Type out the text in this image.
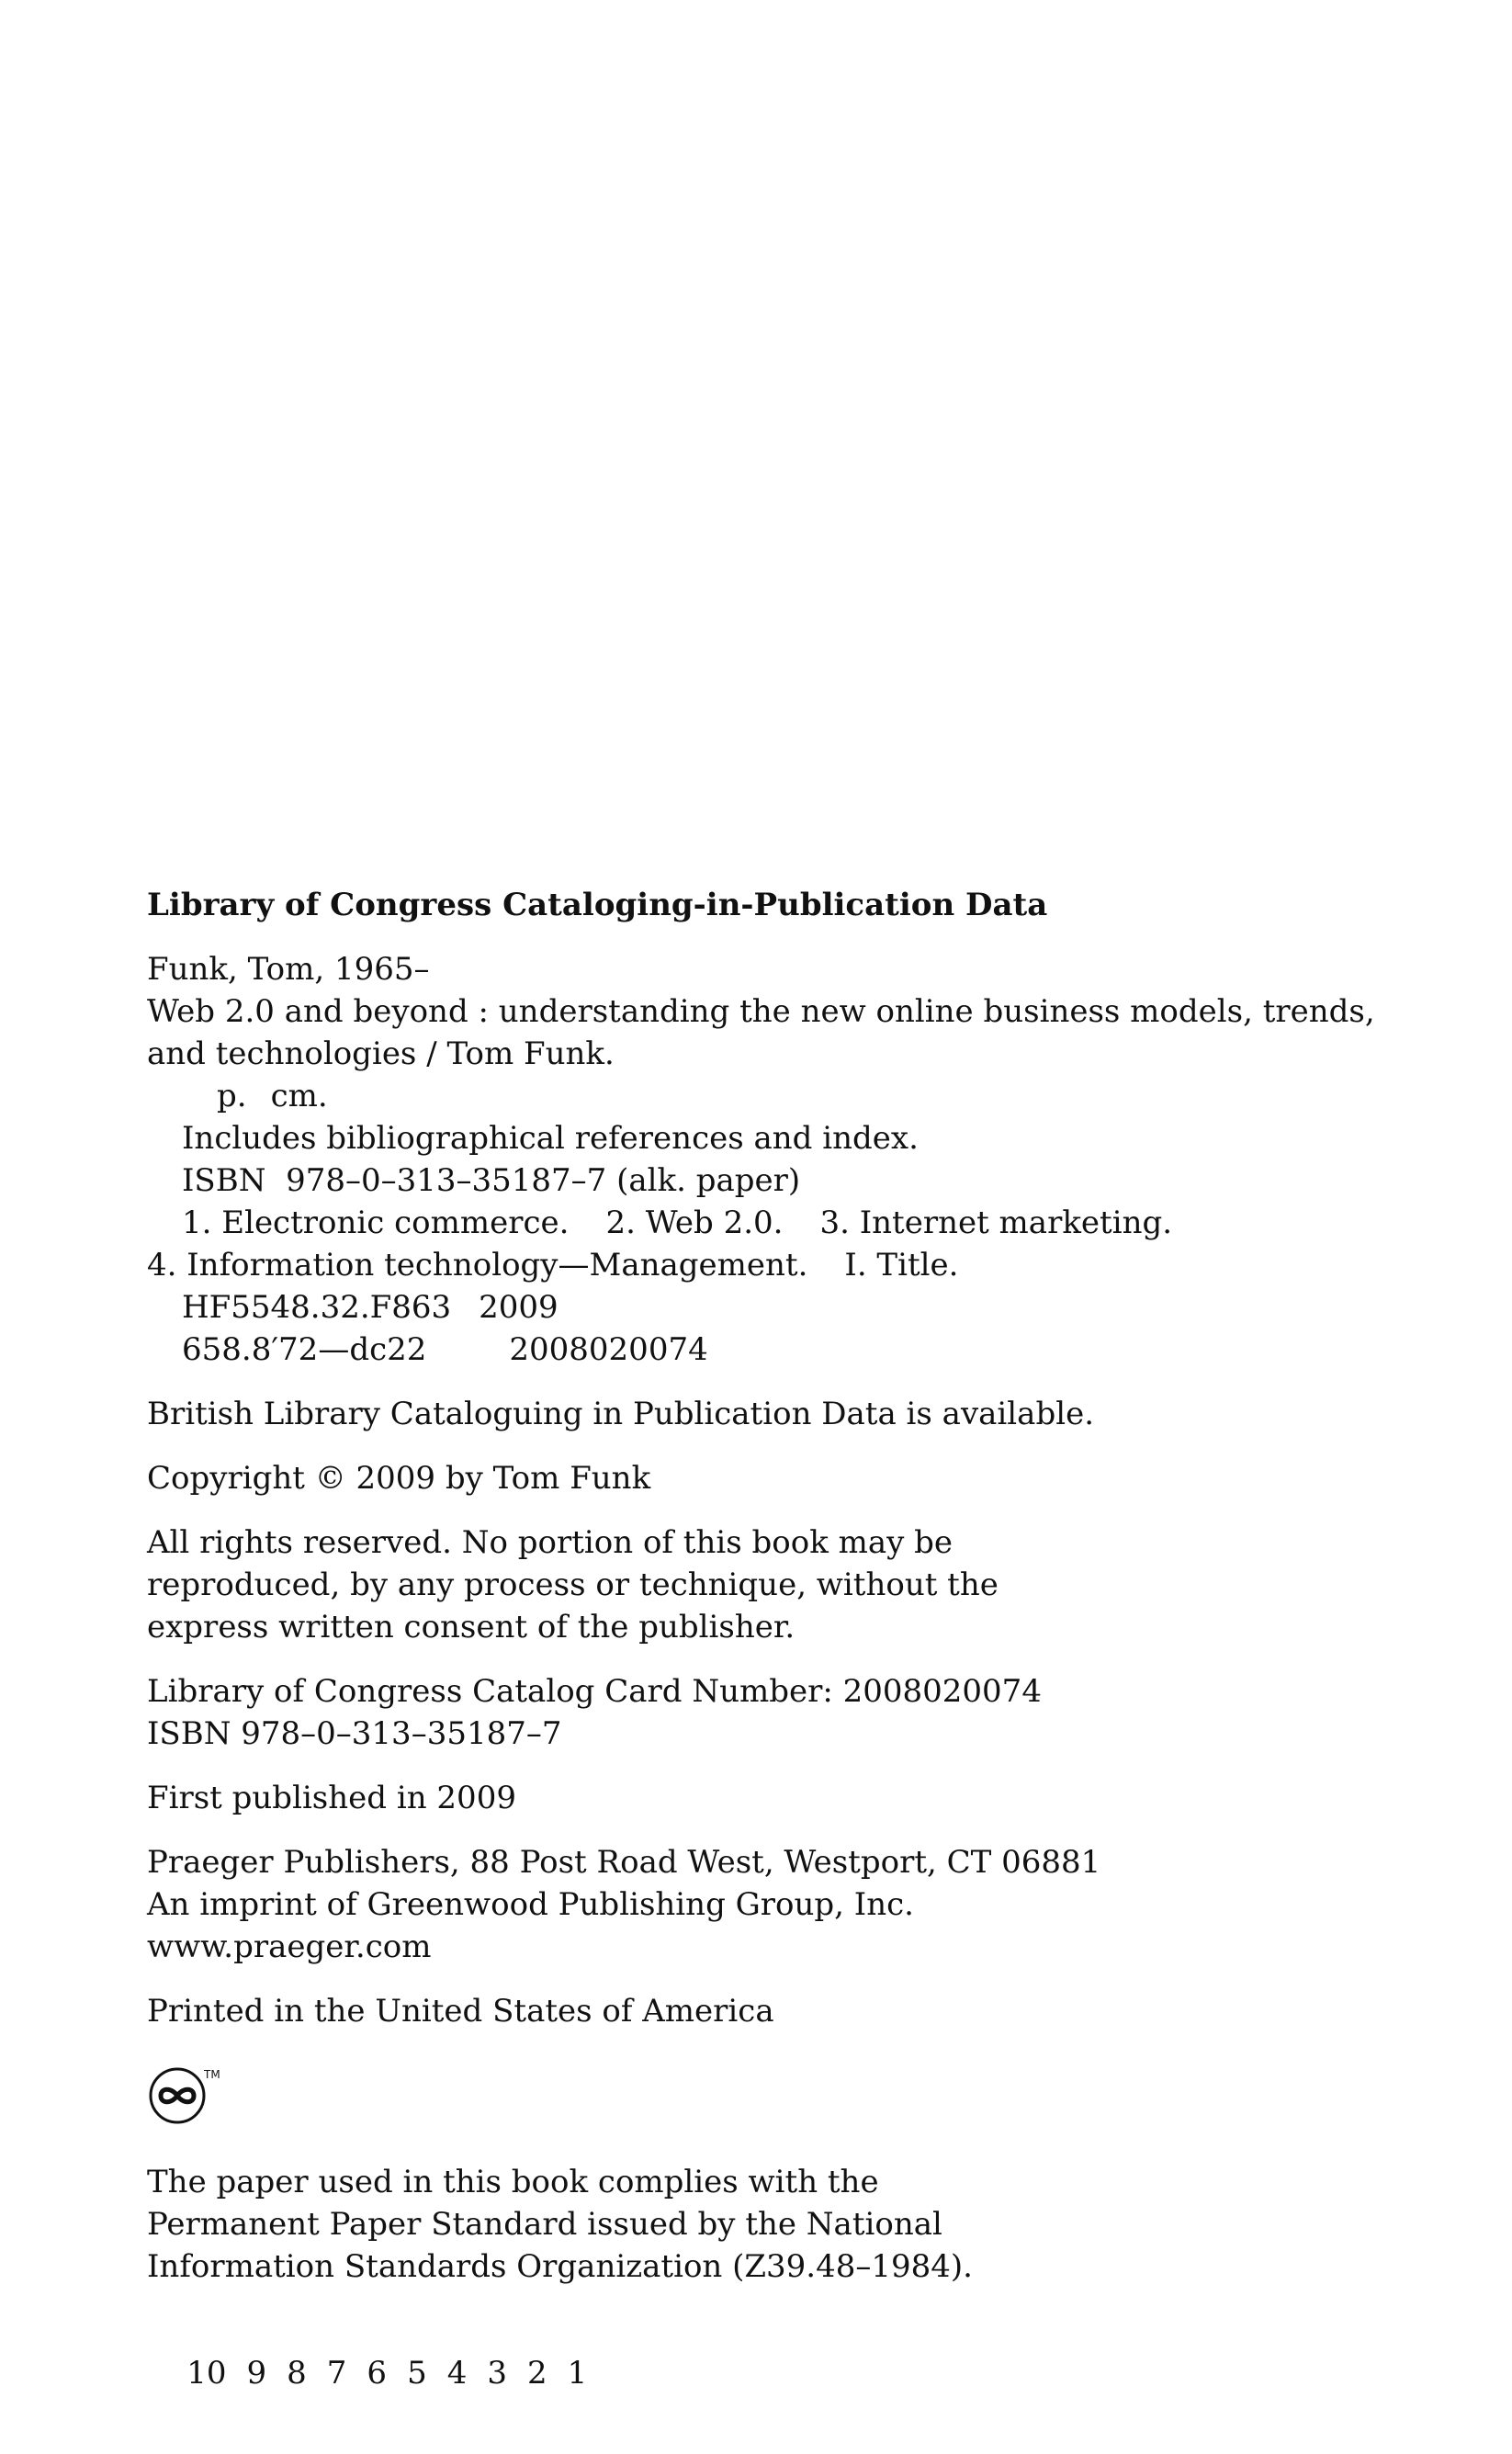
Library of Congress Cataloging-in-Publication Data
Funk, Tom, 1965–
Web 2.0 and beyond : understanding the new online business models, trends,
and technologies / Tom Funk.
p. cm.
Includes bibliographical references and index.
ISBN  978–0–313–35187–7 (alk. paper)
1. Electronic commerce. 2. Web 2.0. 3. Internet marketing.
4. Information technology—Management. I. Title.
HF5548.32.F863 2009
658.8′72—dc22	2008020074
British Library Cataloguing in Publication Data is available.
Copyright © 2009 by Tom Funk
All rights reserved. No portion of this book may be
reproduced, by any process or technique, without the
express written consent of the publisher.
Library of Congress Catalog Card Number: 2008020074
ISBN 978–0–313–35187–7
First published in 2009
Praeger Publishers, 88 Post Road West, Westport, CT 06881
An imprint of Greenwood Publishing Group, Inc.
www.praeger.com
Printed in the United States of America
TM
The paper used in this book complies with the
Permanent Paper Standard issued by the National
Information Standards Organization (Z39.48–1984).

10 9 8 7 6 5 4 3 2 1
